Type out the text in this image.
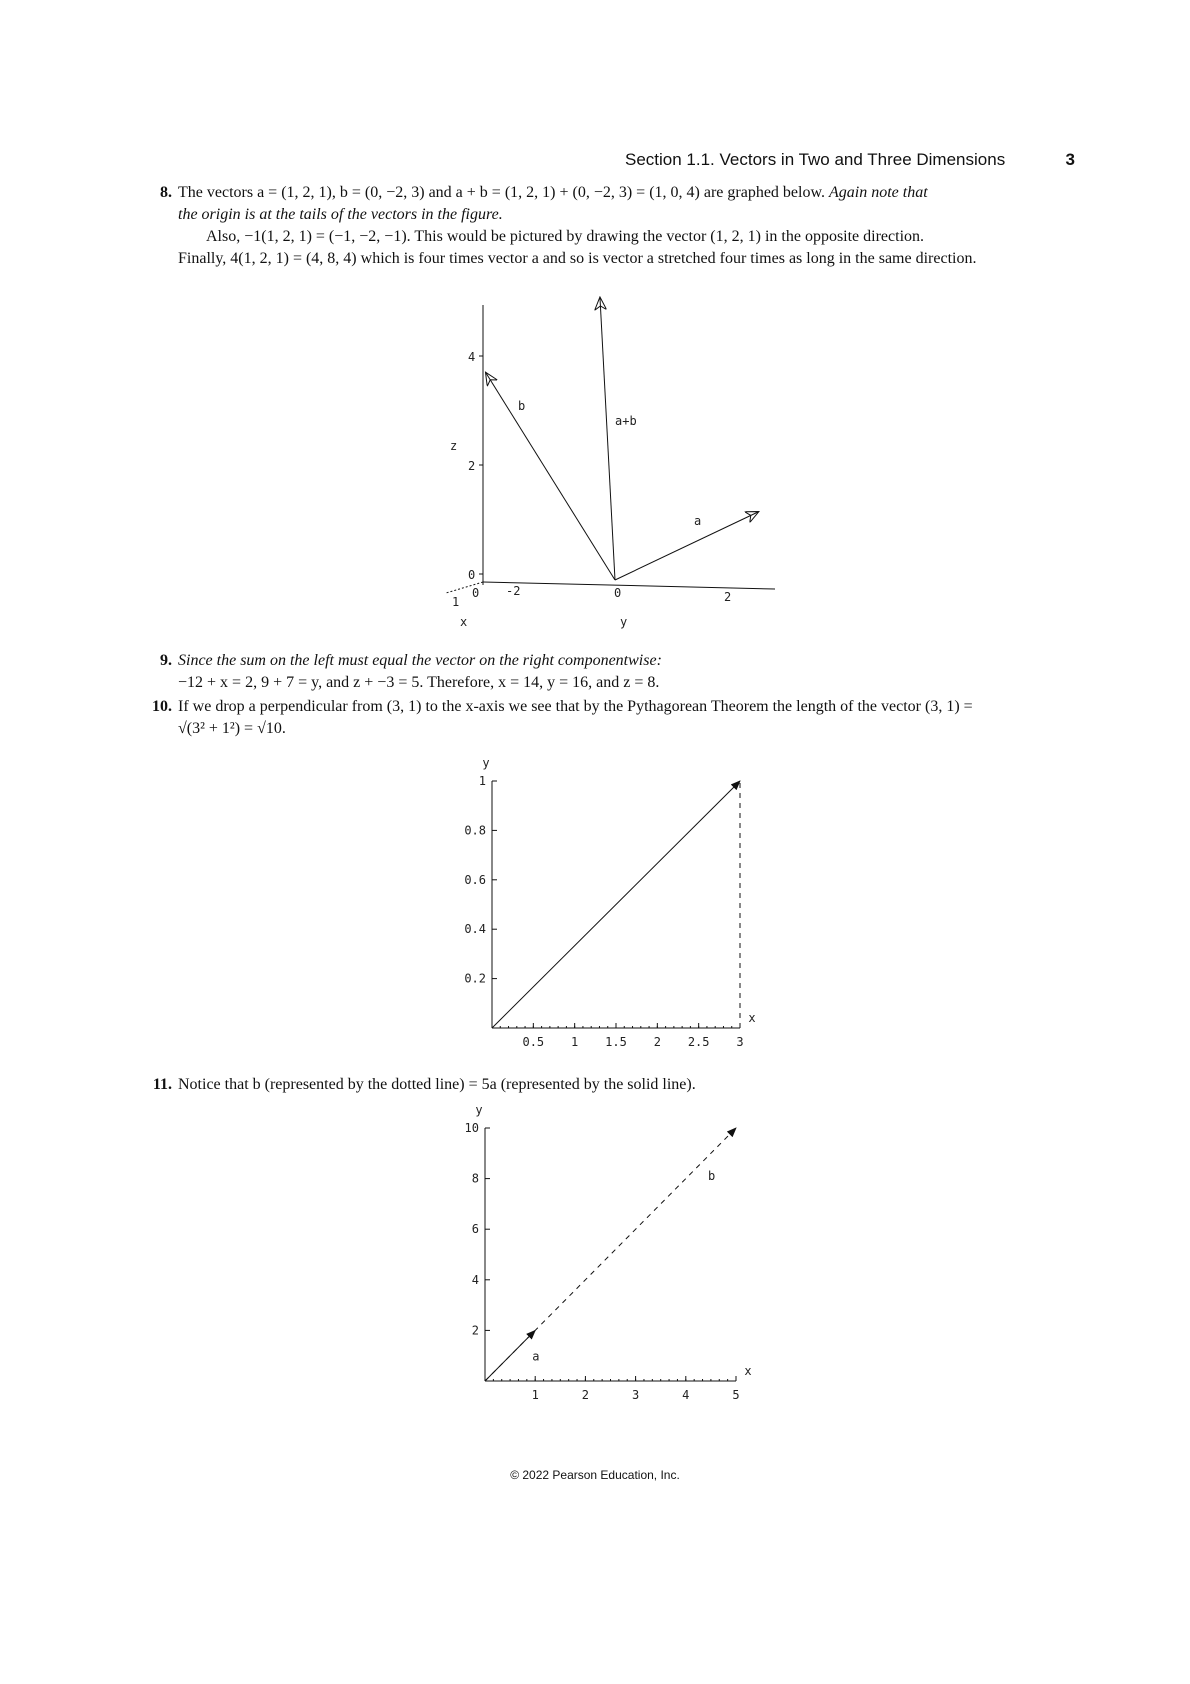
Section 1.1. Vectors in Two and Three Dimensions	3
8. The vectors a = (1, 2, 1), b = (0, −2, 3) and a + b = (1, 2, 1) + (0, −2, 3) = (1, 0, 4) are graphed below. Again note that
the origin is at the tails of the vectors in the figure.
Also, −1(1, 2, 1) = (−1, −2, −1). This would be pictured by drawing the vector (1, 2, 1) in the opposite direction.
Finally, 4(1, 2, 1) = (4, 8, 4) which is four times vector a and so is vector a stretched four times as long in the same direction.
9. Since the sum on the left must equal the vector on the right componentwise:
−12 + x = 2, 9 + 7 = y, and z + −3 = 5. Therefore, x = 14, y = 16, and z = 8.
10. If we drop a perpendicular from (3, 1) to the x-axis we see that by the Pythagorean Theorem the length of the vector (3, 1) =
√(3² + 1²) = √10.
11. Notice that b (represented by the dotted line) = 5a (represented by the solid line).
4
2
0
z
1
0
x
-2	0	2
y
b
a+b
a
0.5 1 1.5 2 2.5 3
0.2
0.4
0.6
0.8
1
y
x
1	2	3	4	5
2
4
6
8
10
y
x
a
b
© 2022 Pearson Education, Inc.
